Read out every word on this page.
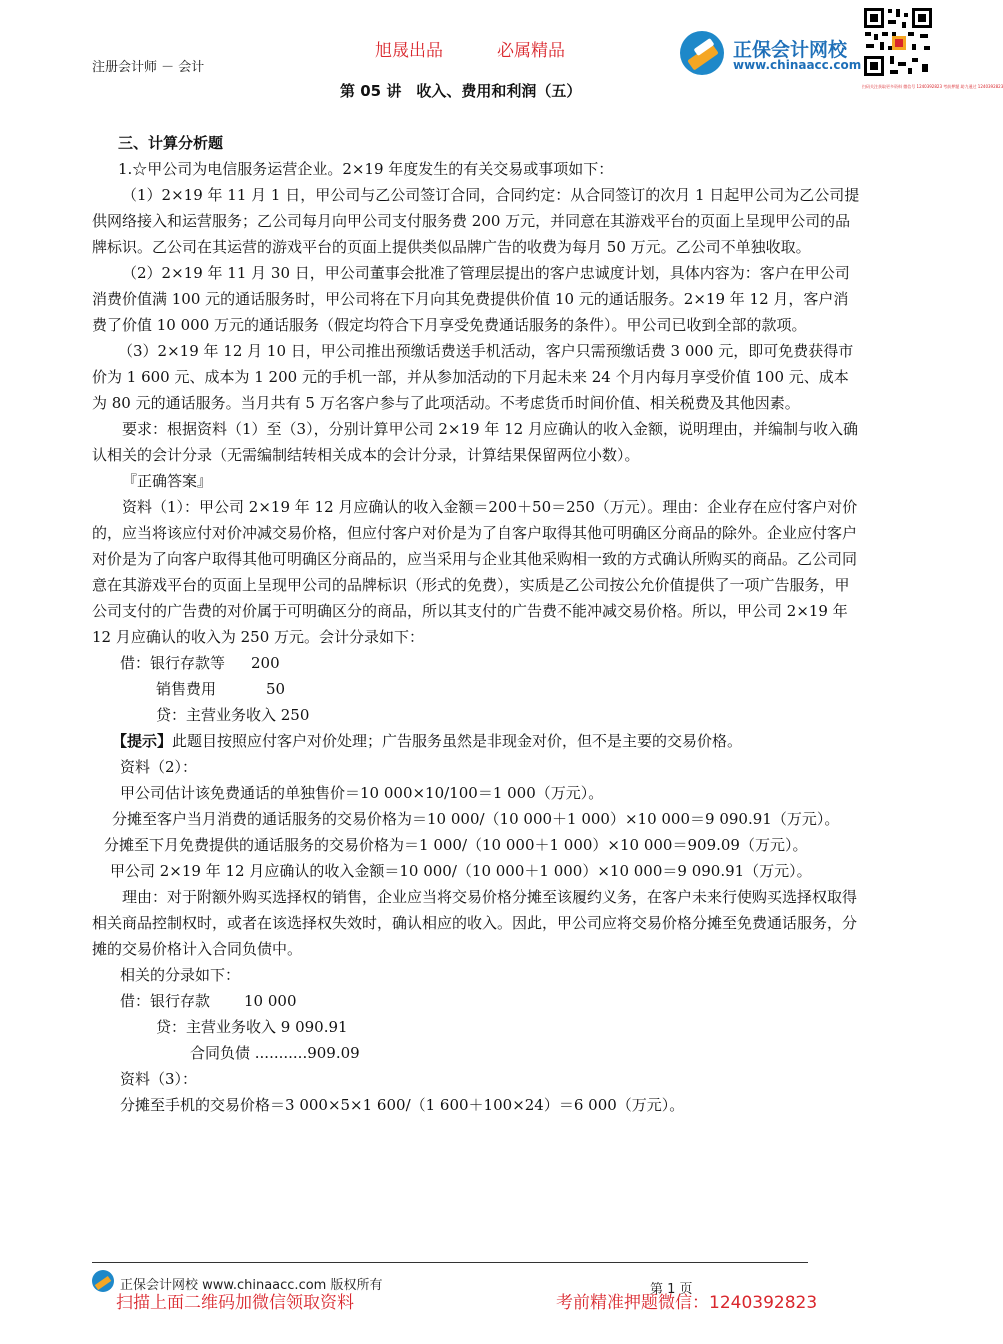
注册会计师 － 会计
旭晟出品	必属精品
第 05 讲　收入、费用和利润（五）
正保会计网校
www.chinaacc.com
扫码关注获取更多资料 微信号 1240392823 考前押题 助力通过 1240392823

三、计算分析题

1.☆甲公司为电信服务运营企业。2×19 年度发生的有关交易或事项如下：

（1）2×19 年 11 月 1 日，甲公司与乙公司签订合同，合同约定：从合同签订的次月 1 日起甲公司为乙公司提供网络接入和运营服务；乙公司每月向甲公司支付服务费 200 万元，并同意在其游戏平台的页面上呈现甲公司的品牌标识。乙公司在其运营的游戏平台的页面上提供类似品牌广告的收费为每月 50 万元。乙公司不单独收取。

（2）2×19 年 11 月 30 日，甲公司董事会批准了管理层提出的客户忠诚度计划，具体内容为：客户在甲公司消费价值满 100 元的通话服务时，甲公司将在下月向其免费提供价值 10 元的通话服务。2×19 年 12 月，客户消费了价值 10 000 万元的通话服务（假定均符合下月享受免费通话服务的条件）。甲公司已收到全部的款项。

（3）2×19 年 12 月 10 日，甲公司推出预缴话费送手机活动，客户只需预缴话费 3 000 元，即可免费获得市价为 1 600 元、成本为 1 200 元的手机一部，并从参加活动的下月起未来 24 个月内每月享受价值 100 元、成本为 80 元的通话服务。当月共有 5 万名客户参与了此项活动。不考虑货币时间价值、相关税费及其他因素。

要求：根据资料（1）至（3），分别计算甲公司 2×19 年 12 月应确认的收入金额，说明理由，并编制与收入确认相关的会计分录（无需编制结转相关成本的会计分录，计算结果保留两位小数）。

『正确答案』

资料（1）：甲公司 2×19 年 12 月应确认的收入金额＝200＋50＝250（万元）。理由：企业存在应付客户对价的，应当将该应付对价冲减交易价格，但应付客户对价是为了自客户取得其他可明确区分商品的除外。企业应付客户对价是为了向客户取得其他可明确区分商品的，应当采用与企业其他采购相一致的方式确认所购买的商品。乙公司同意在其游戏平台的页面上呈现甲公司的品牌标识（形式的免费），实质是乙公司按公允价值提供了一项广告服务，甲公司支付的广告费的对价属于可明确区分的商品，所以其支付的广告费不能冲减交易价格。所以，甲公司 2×19 年 12 月应确认的收入为 250 万元。会计分录如下：

借：银行存款等 200

销售费用	50

贷：主营业务收入 250

【提示】此题目按照应付客户对价处理；广告服务虽然是非现金对价，但不是主要的交易价格。

资料（2）：

甲公司估计该免费通话的单独售价＝10 000×10/100＝1 000（万元）。

分摊至客户当月消费的通话服务的交易价格为＝10 000/（10 000＋1 000）×10 000＝9 090.91（万元）。

分摊至下月免费提供的通话服务的交易价格为＝1 000/（10 000＋1 000）×10 000＝909.09（万元）。

甲公司 2×19 年 12 月应确认的收入金额＝10 000/（10 000＋1 000）×10 000＝9 090.91（万元）。

理由：对于附额外购买选择权的销售，企业应当将交易价格分摊至该履约义务，在客户未来行使购买选择权取得相关商品控制权时，或者在该选择权失效时，确认相应的收入。因此，甲公司应将交易价格分摊至免费通话服务，分摊的交易价格计入合同负债中。

相关的分录如下：

借：银行存款 10 000

贷：主营业务收入 9 090.91

合同负债 ...........909.09

资料（3）：

分摊至手机的交易价格＝3 000×5×1 600/（1 600＋100×24）＝6 000（万元）。

正保会计网校 www.chinaacc.com 版权所有	第 1 页
扫描上面二维码加微信领取资料	考前精准押题微信：1240392823
